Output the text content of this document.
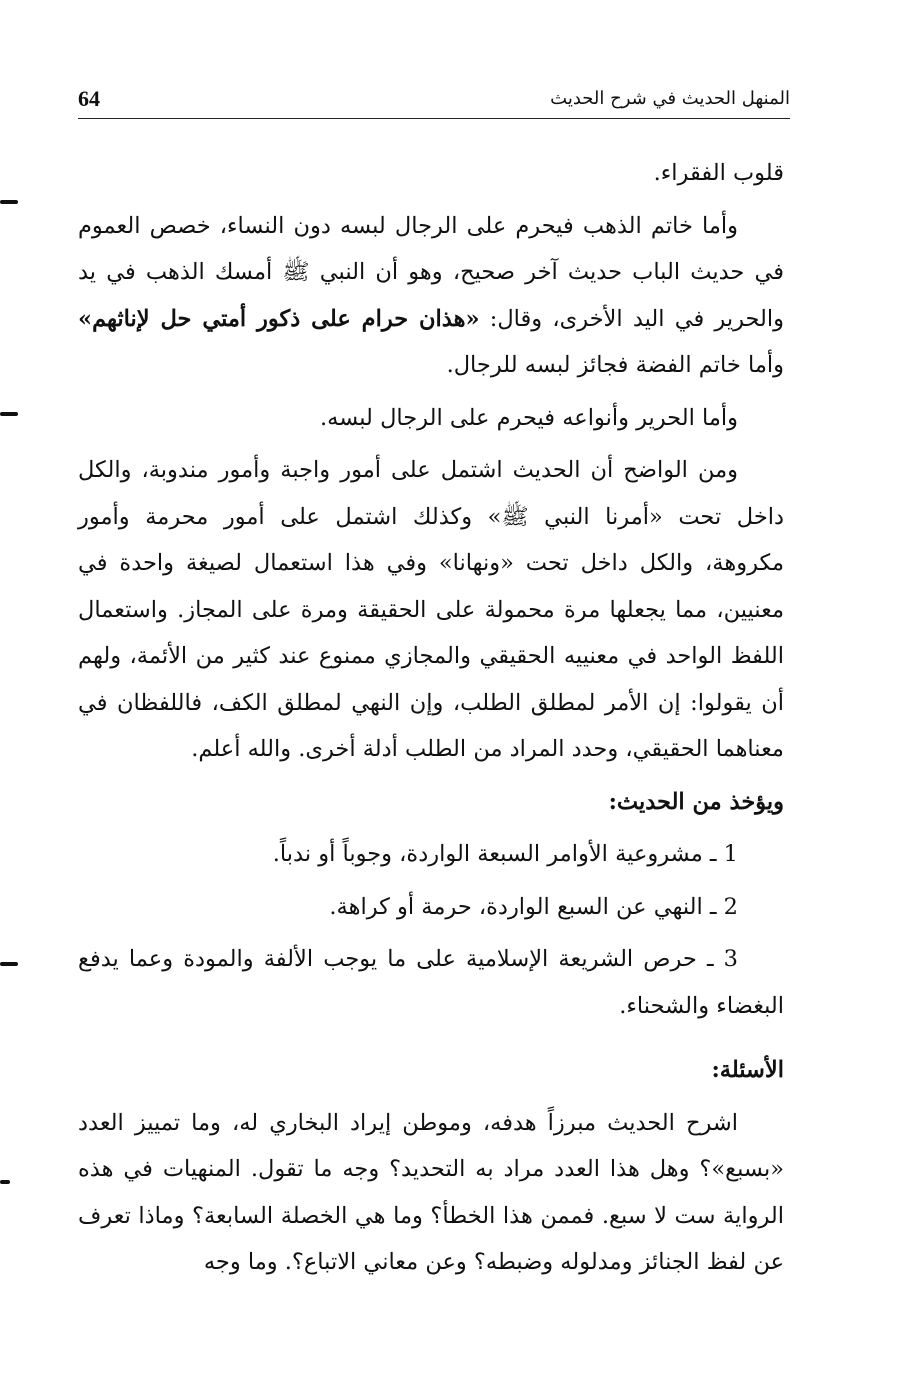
64	المنهل الحديث في شرح الحديث

قلوب الفقراء.

وأما خاتم الذهب فيحرم على الرجال لبسه دون النساء، خصص العموم في حديث الباب حديث آخر صحيح، وهو أن النبي ﷺ أمسك الذهب في يد والحرير في اليد الأخرى، وقال: «هذان حرام على ذكور أمتي حل لإناثهم» وأما خاتم الفضة فجائز لبسه للرجال.

وأما الحرير وأنواعه فيحرم على الرجال لبسه.

ومن الواضح أن الحديث اشتمل على أمور واجبة وأمور مندوبة، والكل داخل تحت «أمرنا النبي ﷺ» وكذلك اشتمل على أمور محرمة وأمور مكروهة، والكل داخل تحت «ونهانا» وفي هذا استعمال لصيغة واحدة في معنيين، مما يجعلها مرة محمولة على الحقيقة ومرة على المجاز. واستعمال اللفظ الواحد في معنييه الحقيقي والمجازي ممنوع عند كثير من الأئمة، ولهم أن يقولوا: إن الأمر لمطلق الطلب، وإن النهي لمطلق الكف، فاللفظان في معناهما الحقيقي، وحدد المراد من الطلب أدلة أخرى. والله أعلم.

ويؤخذ من الحديث:

1 ـ مشروعية الأوامر السبعة الواردة، وجوباً أو ندباً.

2 ـ النهي عن السبع الواردة، حرمة أو كراهة.

3 ـ حرص الشريعة الإسلامية على ما يوجب الألفة والمودة وعما يدفع البغضاء والشحناء.

الأسئلة:

اشرح الحديث مبرزاً هدفه، وموطن إيراد البخاري له، وما تمييز العدد «بسبع»؟ وهل هذا العدد مراد به التحديد؟ وجه ما تقول. المنهيات في هذه الرواية ست لا سبع. فممن هذا الخطأ؟ وما هي الخصلة السابعة؟ وماذا تعرف عن لفظ الجنائز ومدلوله وضبطه؟ وعن معاني الاتباع؟. وما وجه
